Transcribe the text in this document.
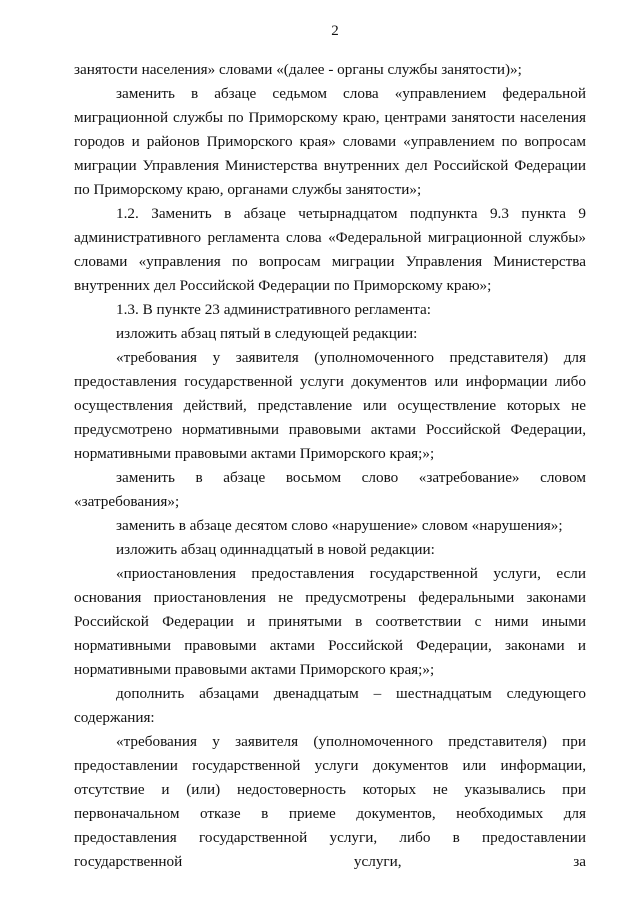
2

занятости населения» словами «(далее - органы службы занятости)»;

заменить в абзаце седьмом слова «управлением федеральной миграционной службы по Приморскому краю, центрами занятости населения городов и районов Приморского края» словами «управлением по вопросам миграции Управления Министерства внутренних дел Российской Федерации по Приморскому краю, органами службы занятости»;

1.2. Заменить в абзаце четырнадцатом подпункта 9.3 пункта 9 административного регламента слова «Федеральной миграционной службы» словами «управления по вопросам миграции Управления Министерства внутренних дел Российской Федерации по Приморскому краю»;

1.3. В пункте 23 административного регламента:

изложить абзац пятый в следующей редакции:

«требования у заявителя (уполномоченного представителя) для предоставления государственной услуги документов или информации либо осуществления действий, представление или осуществление которых не предусмотрено нормативными правовыми актами Российской Федерации, нормативными правовыми актами Приморского края;»;

заменить в абзаце восьмом слово «затребование» словом «затребования»;

заменить в абзаце десятом слово «нарушение» словом «нарушения»;

изложить абзац одиннадцатый в новой редакции:

«приостановления предоставления государственной услуги, если основания приостановления не предусмотрены федеральными законами Российской Федерации и принятыми в соответствии с ними иными нормативными правовыми актами Российской Федерации, законами и нормативными правовыми актами Приморского края;»;

дополнить абзацами двенадцатым – шестнадцатым следующего содержания:

«требования у заявителя (уполномоченного представителя) при предоставлении государственной услуги документов или информации, отсутствие и (или) недостоверность которых не указывались при первоначальном отказе в приеме документов, необходимых для предоставления государственной услуги, либо в предоставлении государственной услуги, за
